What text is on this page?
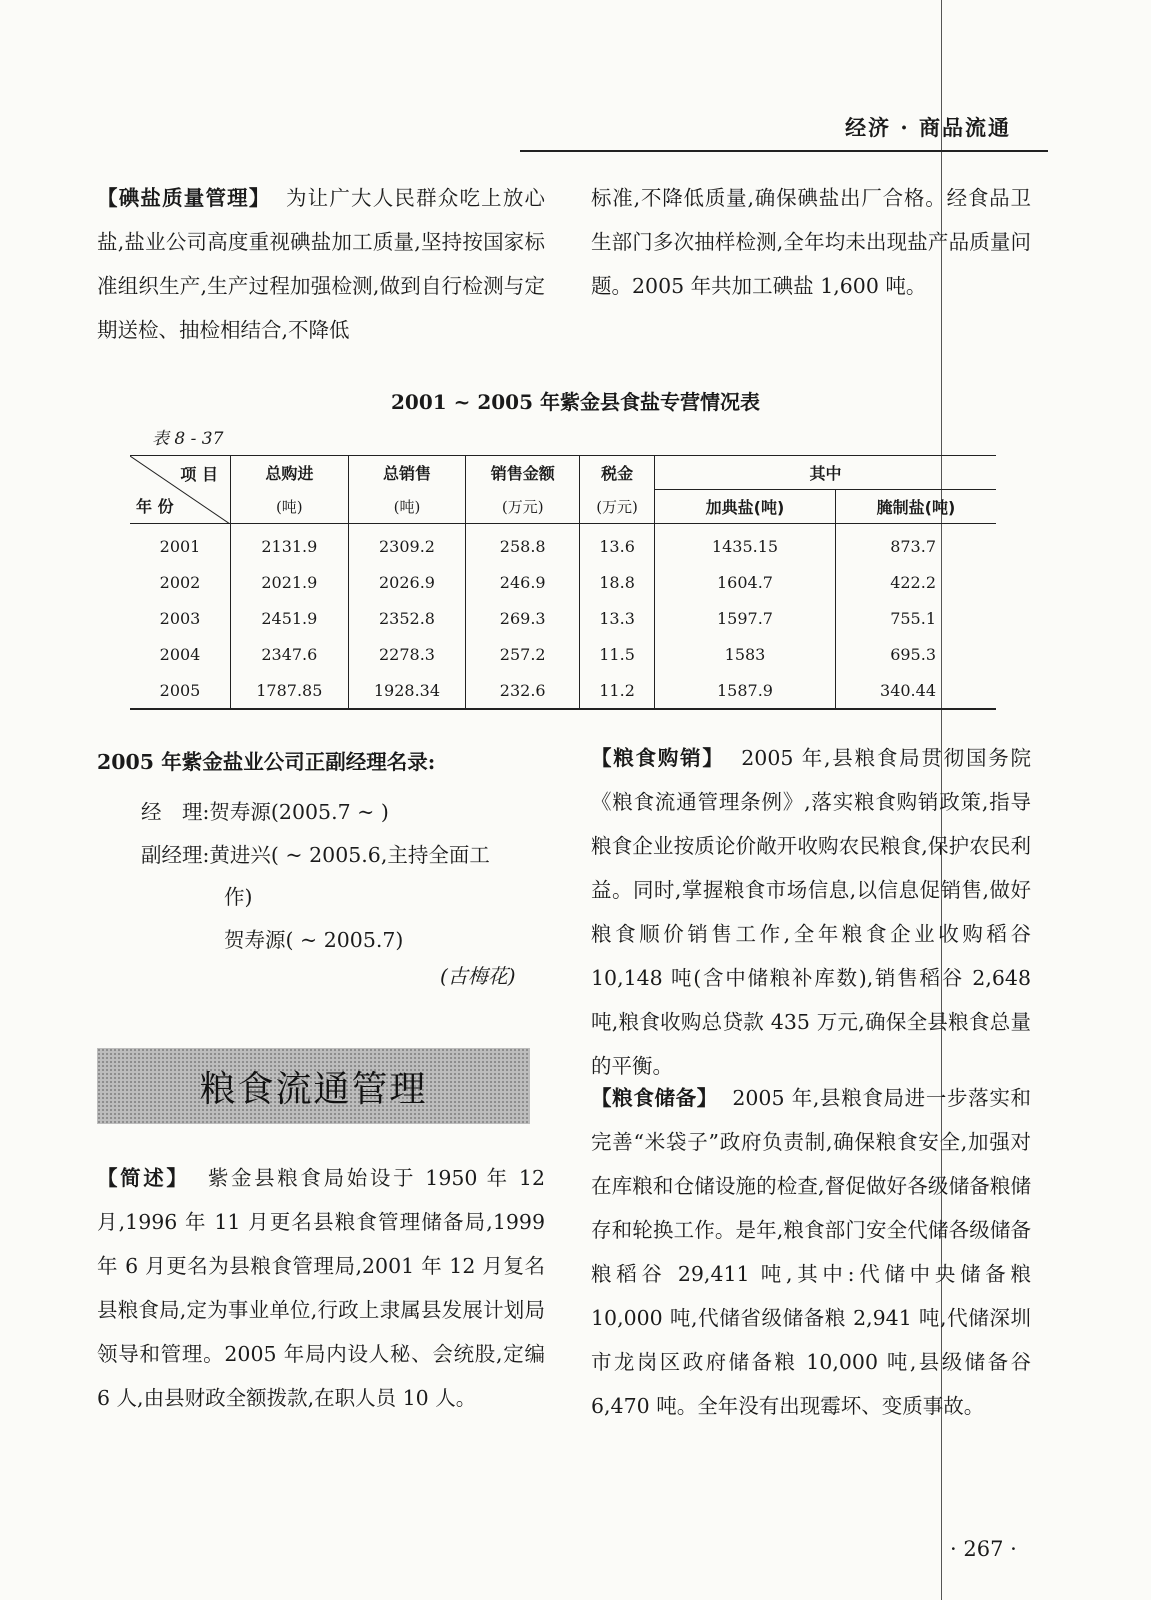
经济 · 商品流通

【碘盐质量管理】 为让广大人民群众吃上放心盐,盐业公司高度重视碘盐加工质量,坚持按国家标准组织生产,生产过程加强检测,做到自行检测与定期送检、抽检相结合,不降低

标准,不降低质量,确保碘盐出厂合格。经食品卫生部门多次抽样检测,全年均未出现盐产品质量问题。2005 年共加工碘盐 1,600 吨。

2001 ~ 2005 年紫金县食盐专营情况表
表 8 - 37
项 目
年 份	总购进	总销售	销售金额	税金	其中	
	(吨)	(吨)	(万元)	(万元)	加典盐(吨)	腌制盐(吨)
2001	2131.9	2309.2	258.8	13.6	1435.15	873.7
2002	2021.9	2026.9	246.9	18.8	1604.7	422.2
2003	2451.9	2352.8	269.3	13.3	1597.7	755.1
2004	2347.6	2278.3	257.2	11.5	1583	695.3
2005	1787.85	1928.34	232.6	11.2	1587.9	340.44
2005 年紫金盐业公司正副经理名录:
经　理:贺寿源(2005.7 ~ )
副经理:黄进兴( ~ 2005.6,主持全面工
作)
贺寿源( ~ 2005.7)
(古梅花)
粮食流通管理

【简述】 紫金县粮食局始设于 1950 年 12 月,1996 年 11 月更名县粮食管理储备局,1999 年 6 月更名为县粮食管理局,2001 年 12 月复名县粮食局,定为事业单位,行政上隶属县发展计划局领导和管理。2005 年局内设人秘、会统股,定编 6 人,由县财政全额拨款,在职人员 10 人。

【粮食购销】 2005 年,县粮食局贯彻国务院《粮食流通管理条例》,落实粮食购销政策,指导粮食企业按质论价敞开收购农民粮食,保护农民利益。同时,掌握粮食市场信息,以信息促销售,做好粮食顺价销售工作,全年粮食企业收购稻谷 10,148 吨(含中储粮补库数),销售稻谷 2,648 吨,粮食收购总贷款 435 万元,确保全县粮食总量的平衡。

【粮食储备】 2005 年,县粮食局进一步落实和完善“米袋子”政府负责制,确保粮食安全,加强对在库粮和仓储设施的检查,督促做好各级储备粮储存和轮换工作。是年,粮食部门安全代储各级储备粮稻谷 29,411 吨,其中:代储中央储备粮 10,000 吨,代储省级储备粮 2,941 吨,代储深圳市龙岗区政府储备粮 10,000 吨,县级储备谷 6,470 吨。全年没有出现霉坏、变质事故。

· 267 ·
